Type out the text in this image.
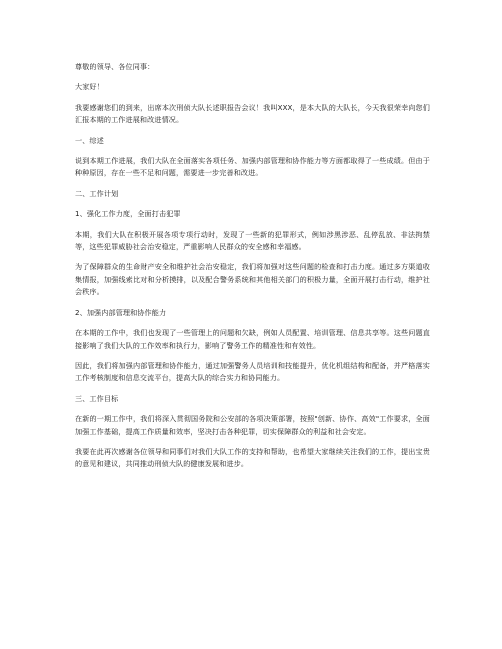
尊敬的领导、各位同事：

大家好！

我要感谢您们的到来，出席本次刑侦大队长述职报告会议！我叫XXX，是本大队的大队长，今天我很荣幸向您们汇报本期的工作进展和改进情况。

一、综述

说到本期工作进展，我们大队在全面落实各项任务、加强内部管理和协作能力等方面都取得了一些成绩。但由于种种原因，存在一些不足和问题，需要进一步完善和改进。

二、工作计划

1、强化工作力度，全面打击犯罪

本期，我们大队在积极开展各项专项行动时，发现了一些新的犯罪形式，例如涉黑涉恶、乱停乱放、非法拘禁等，这些犯罪威胁社会治安稳定，严重影响人民群众的安全感和幸福感。

为了保障群众的生命财产安全和维护社会治安稳定，我们将加强对这些问题的检查和打击力度。通过多方渠道收集情报，加强线索比对和分析摸排，以及配合警务系统和其他相关部门的积极力量，全面开展打击行动，维护社会秩序。

2、加强内部管理和协作能力

在本期的工作中，我们也发现了一些管理上的问题和欠缺，例如人员配置、培训管理、信息共享等。这些问题直接影响了我们大队的工作效率和执行力，影响了警务工作的精准性和有效性。

因此，我们将加强内部管理和协作能力，通过加强警务人员培训和技能提升，优化机组结构和配备，并严格落实工作考核制度和信息交流平台，提高大队的综合实力和协同能力。

三、工作目标

在新的一期工作中，我们将深入贯彻国务院和公安部的各项决策部署，按照"创新、协作、高效"工作要求，全面加强工作基础，提高工作质量和效率，坚决打击各种犯罪，切实保障群众的利益和社会安定。

我要在此再次感谢各位领导和同事们对我们大队工作的支持和帮助，也希望大家继续关注我们的工作，提出宝贵的意见和建议，共同推动刑侦大队的健康发展和进步。
